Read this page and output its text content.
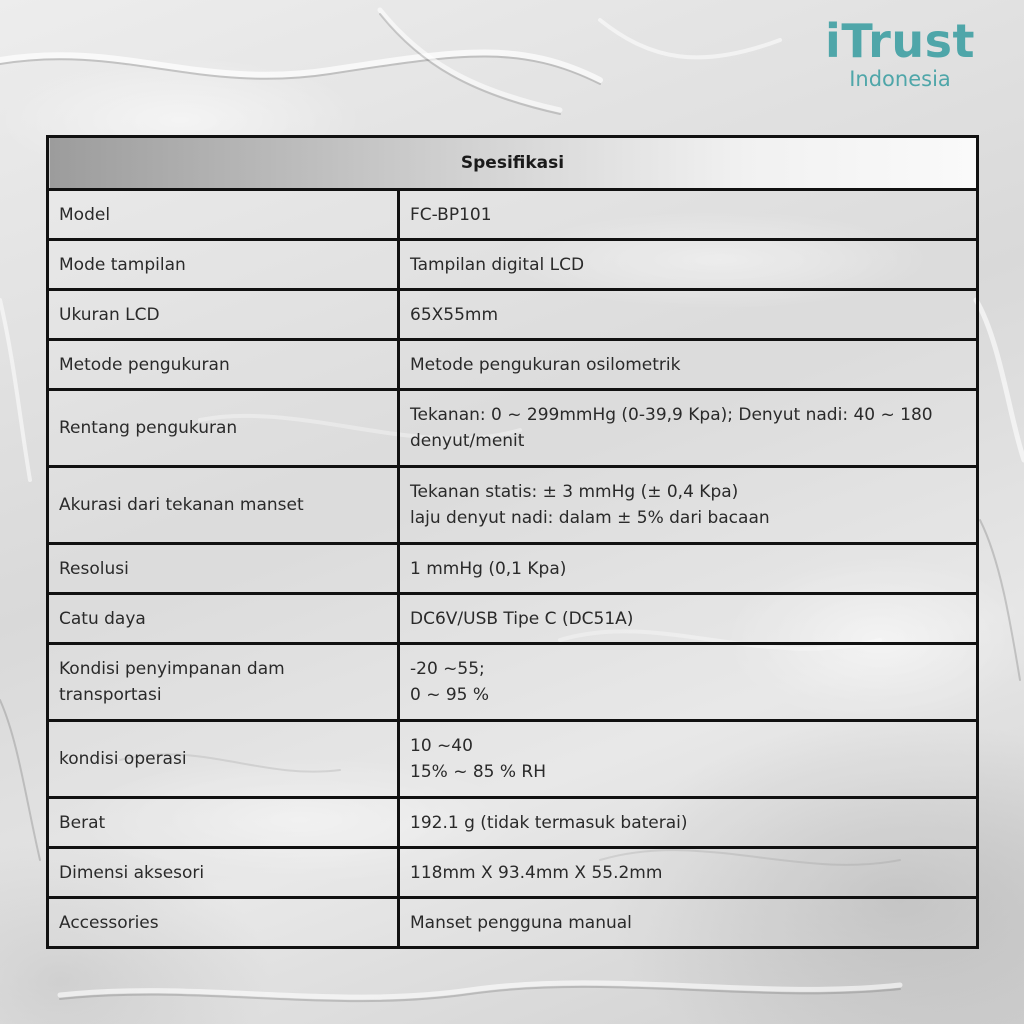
iTrust
Indonesia
Spesifikasi	
Model	FC-BP101
Mode tampilan	Tampilan digital LCD
Ukuran LCD	65X55mm
Metode pengukuran	Metode pengukuran osilometrik
Rentang pengukuran	Tekanan: 0 ~ 299mmHg (0-39,9 Kpa); Denyut nadi: 40 ~ 180
denyut/menit

Akurasi dari tekanan manset	Tekanan statis: ± 3 mmHg (± 0,4 Kpa)
laju denyut nadi: dalam ± 5% dari bacaan

Resolusi	1 mmHg (0,1 Kpa)
Catu daya	DC6V/USB Tipe C (DC51A)

Kondisi penyimpanan dam
transportasi	-20 ~55;
0 ~ 95 %

kondisi operasi	10 ~40
15% ~ 85 % RH

Berat	192.1 g (tidak termasuk baterai)
Dimensi aksesori	118mm X 93.4mm X 55.2mm
Accessories	Manset pengguna manual
